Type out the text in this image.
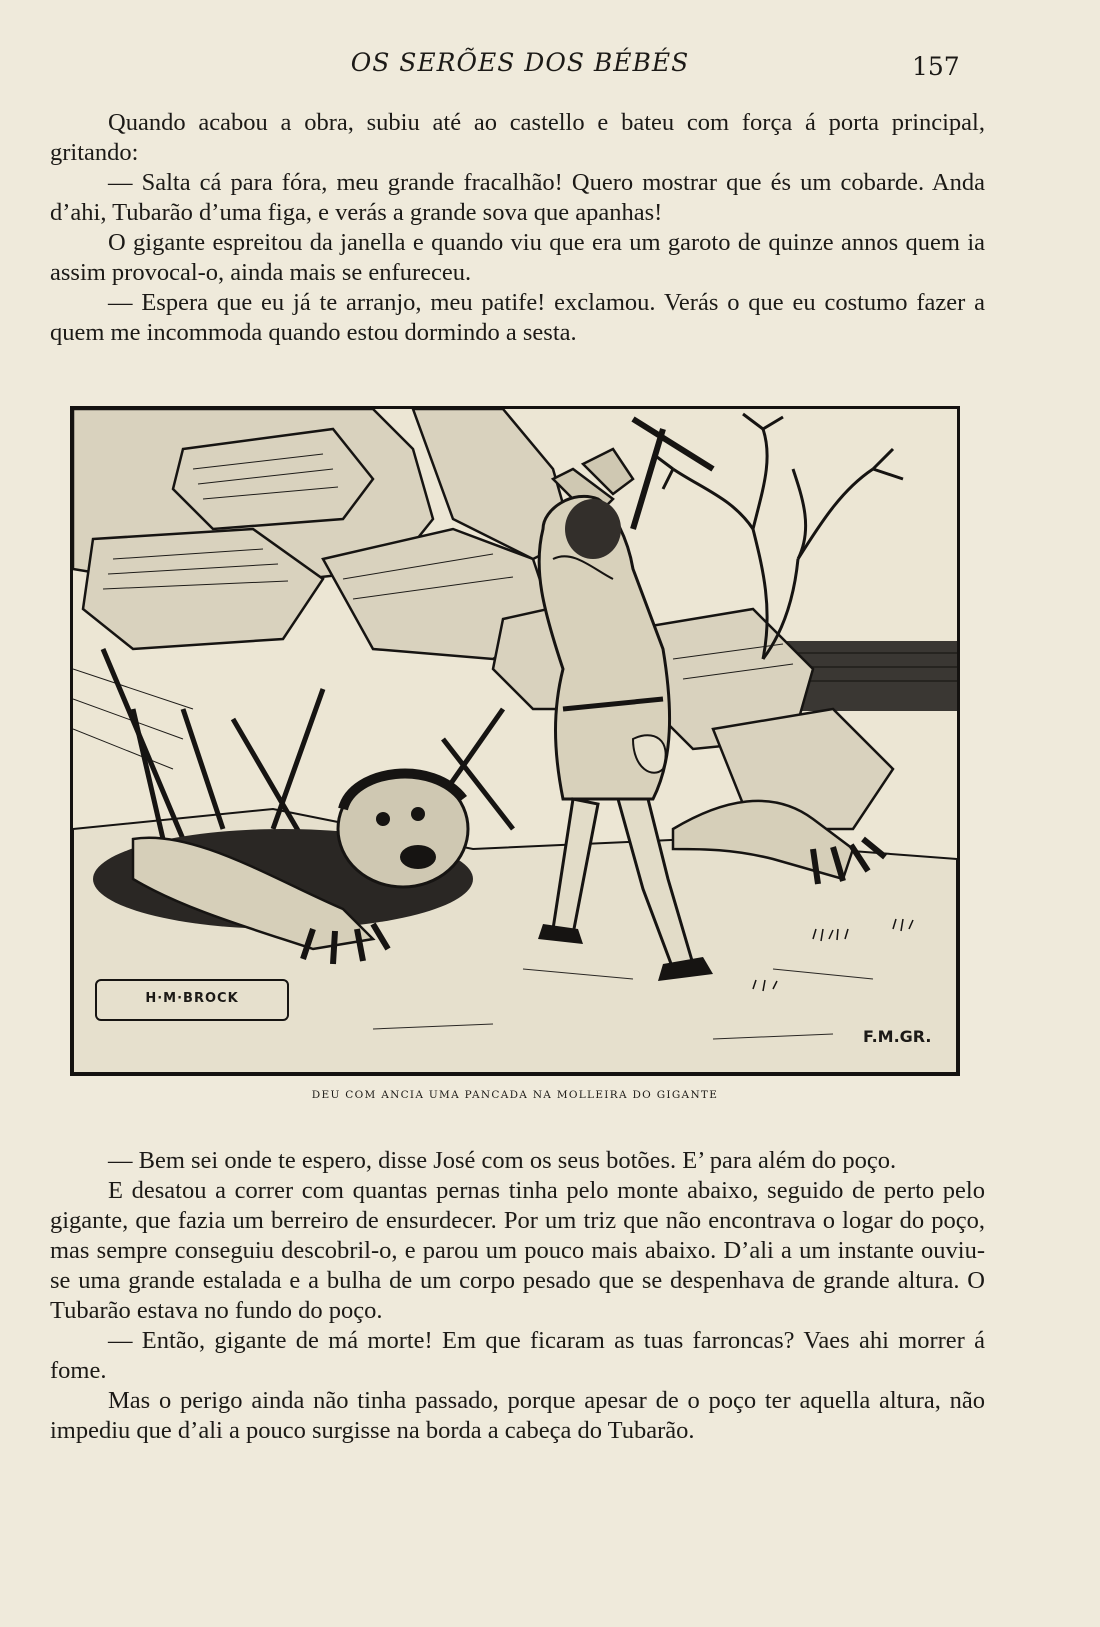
OS SERÕES DOS BÉBÉS	157

Quando acabou a obra, subiu até ao castello e bateu com força á porta principal, gritando:

— Salta cá para fóra, meu grande fracalhão! Quero mostrar que és um cobarde. Anda d’ahi, Tubarão d’uma figa, e verás a grande sova que apanhas!

O gigante espreitou da janella e quando viu que era um garoto de quinze annos quem ia assim provocal-o, ainda mais se enfureceu.

— Espera que eu já te arranjo, meu patife! exclamou. Verás o que eu costumo fazer a quem me incommoda quando estou dormindo a sesta.

H·M·BROCK
F.M.GR.
DEU COM ANCIA UMA PANCADA NA MOLLEIRA DO GIGANTE

— Bem sei onde te espero, disse José com os seus botões. E’ para além do poço.

E desatou a correr com quantas pernas tinha pelo monte abaixo, seguido de perto pelo gigante, que fazia um berreiro de ensurdecer. Por um triz que não encontrava o logar do poço, mas sempre conseguiu descobril-o, e parou um pouco mais abaixo. D’ali a um instante ouviu-se uma grande estalada e a bulha de um corpo pesado que se despenhava de grande altura. O Tubarão estava no fundo do poço.

— Então, gigante de má morte! Em que ficaram as tuas farroncas? Vaes ahi morrer á fome.

Mas o perigo ainda não tinha passado, porque apesar de o poço ter aquella altura, não impediu que d’ali a pouco surgisse na borda a cabeça do Tubarão.
